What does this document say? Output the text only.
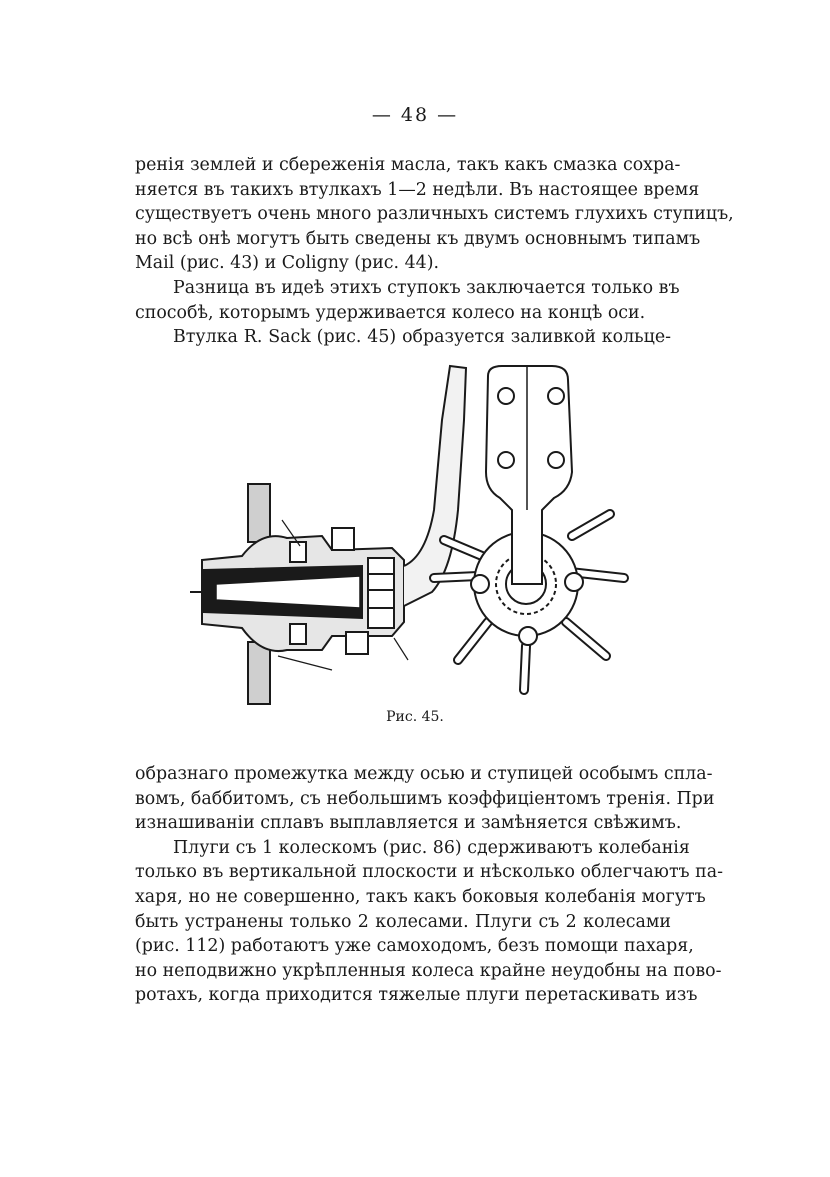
— 48 —
ренія землей и сбереженія масла, такъ какъ смазка сохра-
няется въ такихъ втулкахъ 1—2 недѣли. Въ настоящее время
существуетъ очень много различныхъ системъ глухихъ ступицъ,
но всѣ онѣ могутъ быть сведены къ двумъ основнымъ типамъ
Mail (рис. 43) и Coligny (рис. 44).
Разница въ идеѣ этихъ ступокъ заключается только въ
способѣ, которымъ удерживается колесо на концѣ оси.
Втулка R. Sack (рис. 45) образуется заливкой кольце-
Рис. 45.
образнаго промежутка между осью и ступицей особымъ спла-
вомъ, баббитомъ, съ небольшимъ коэффиціентомъ тренія. При
изнашиваніи сплавъ выплавляется и замѣняется свѣжимъ.
Плуги съ 1 колескомъ (рис. 86) сдерживаютъ колебанія
только въ вертикальной плоскости и нѣсколько облегчаютъ па-
харя, но не совершенно, такъ какъ боковыя колебанія могутъ
быть устранены только 2 колесами. Плуги съ 2 колесами
(рис. 112) работаютъ уже самоходомъ, безъ помощи пахаря,
но неподвижно укрѣпленныя колеса крайне неудобны на пово-
ротахъ, когда приходится тяжелые плуги перетаскивать изъ
